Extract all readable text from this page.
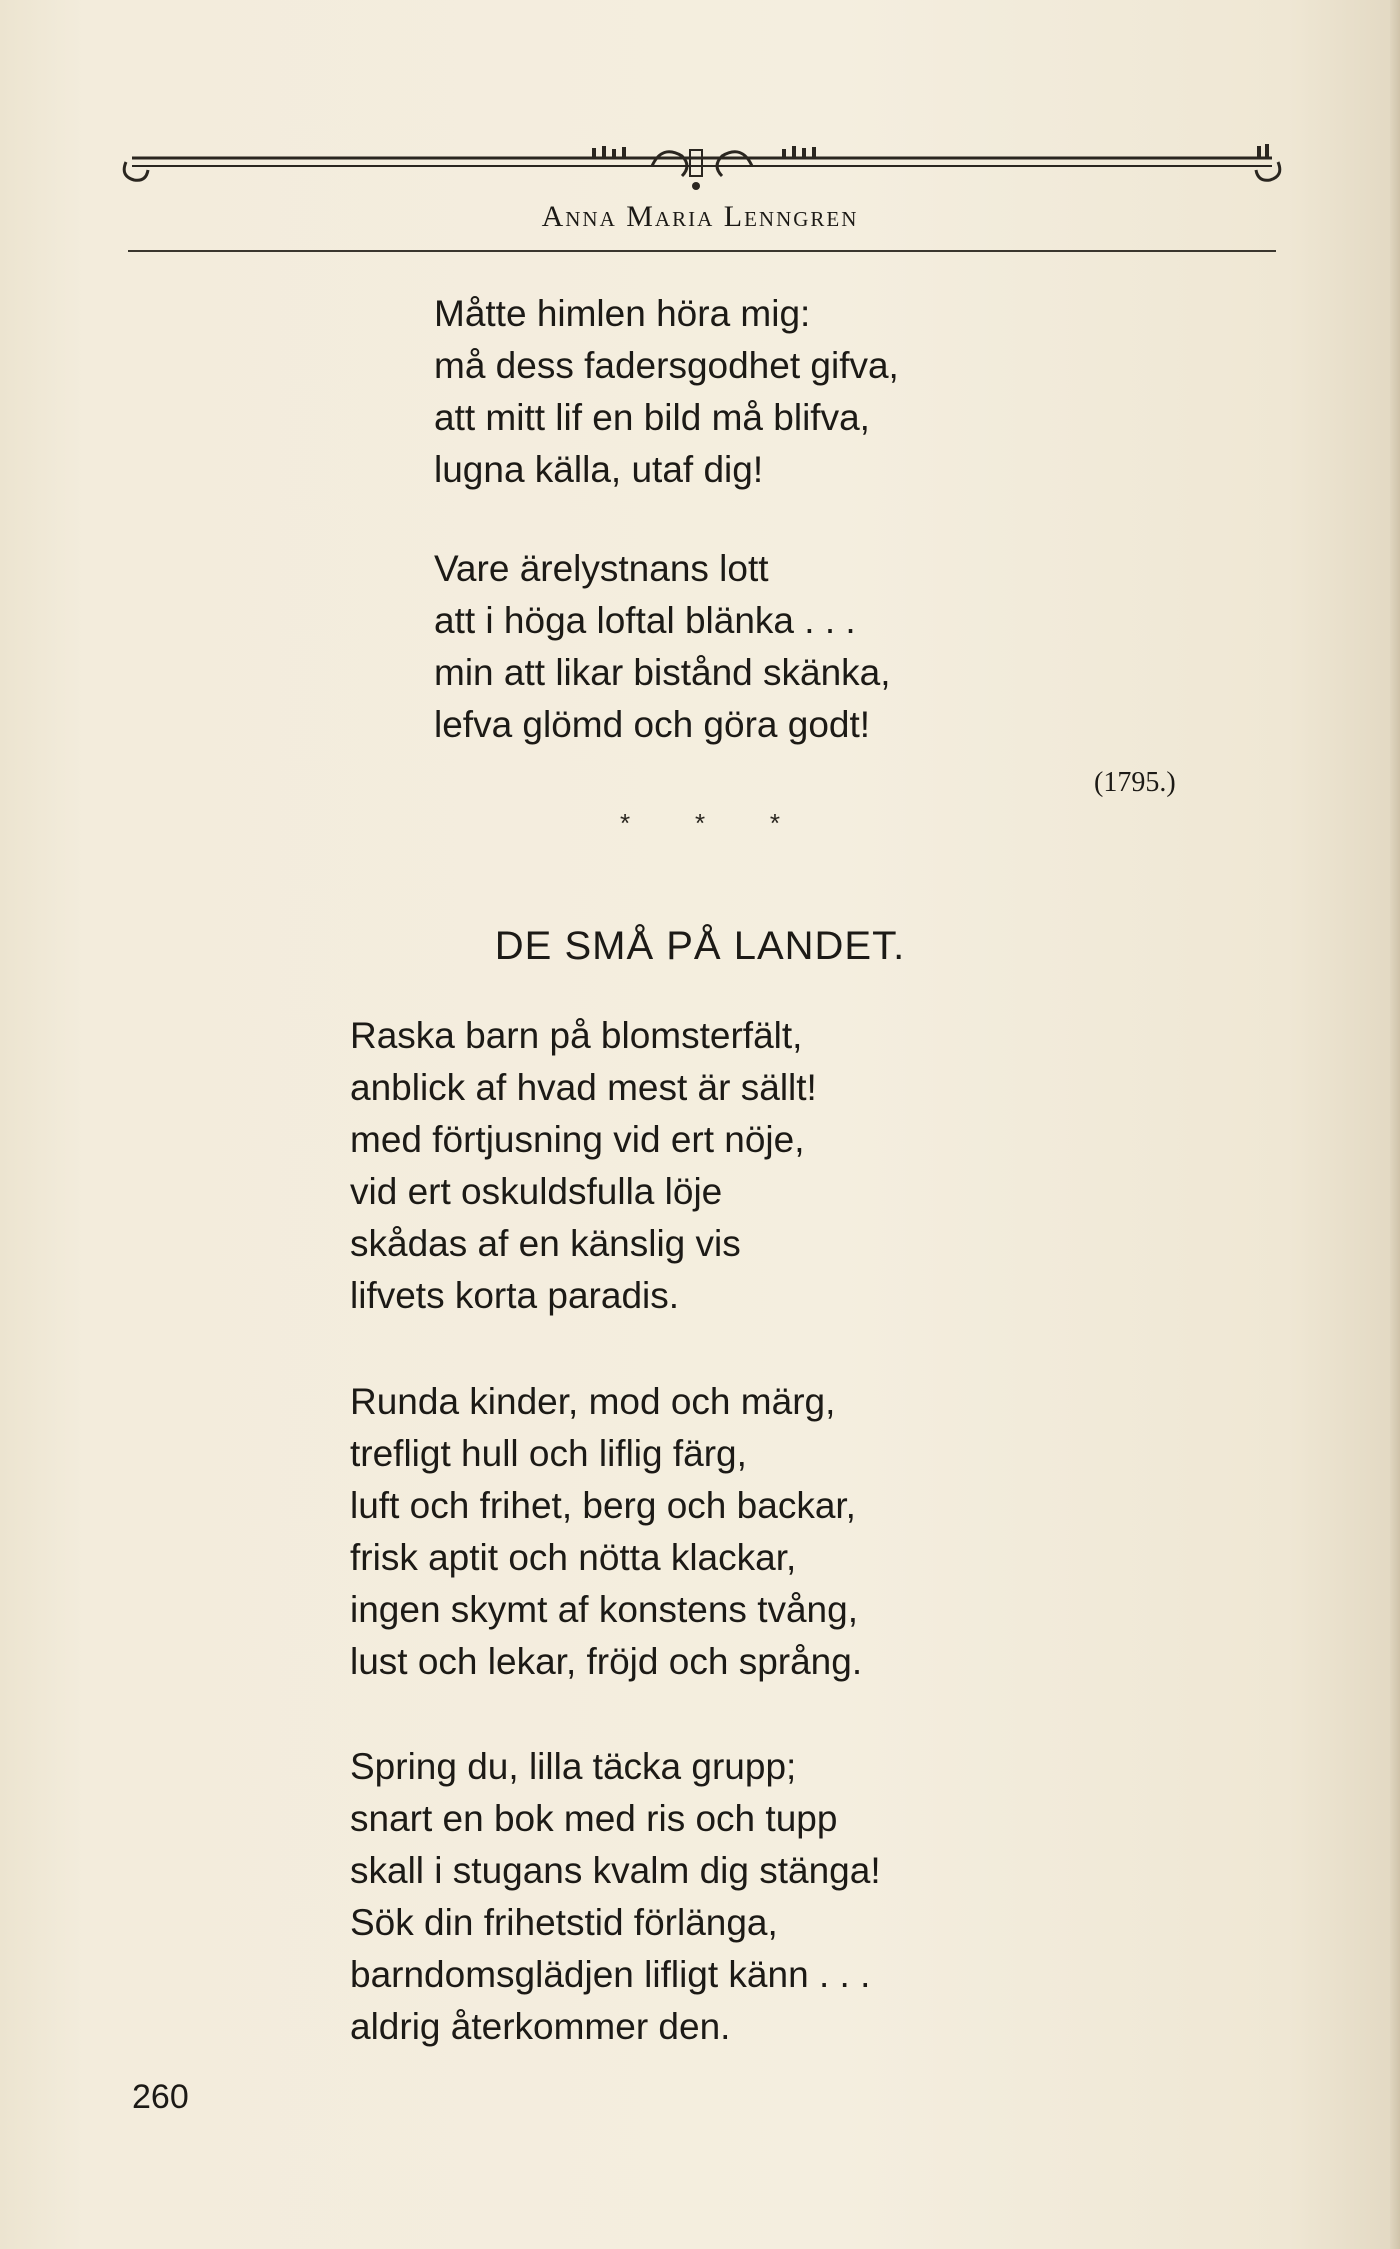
Anna Maria Lenngren
Måtte himlen höra mig:
må dess fadersgodhet gifva,
att mitt lif en bild må blifva,
lugna källa, utaf dig!
Vare ärelystnans lott
att i höga loftal blänka . . .
min att likar bistånd skänka,
lefva glömd och göra godt!
(1795.)
* * *
DE SMÅ PÅ LANDET.
Raska barn på blomsterfält,
anblick af hvad mest är sällt!
med förtjusning vid ert nöje,
vid ert oskuldsfulla löje
skådas af en känslig vis
lifvets korta paradis.
Runda kinder, mod och märg,
trefligt hull och liflig färg,
luft och frihet, berg och backar,
frisk aptit och nötta klackar,
ingen skymt af konstens tvång,
lust och lekar, fröjd och språng.
Spring du, lilla täcka grupp;
snart en bok med ris och tupp
skall i stugans kvalm dig stänga!
Sök din frihetstid förlänga,
barndomsglädjen lifligt känn . . .
aldrig återkommer den.
260
